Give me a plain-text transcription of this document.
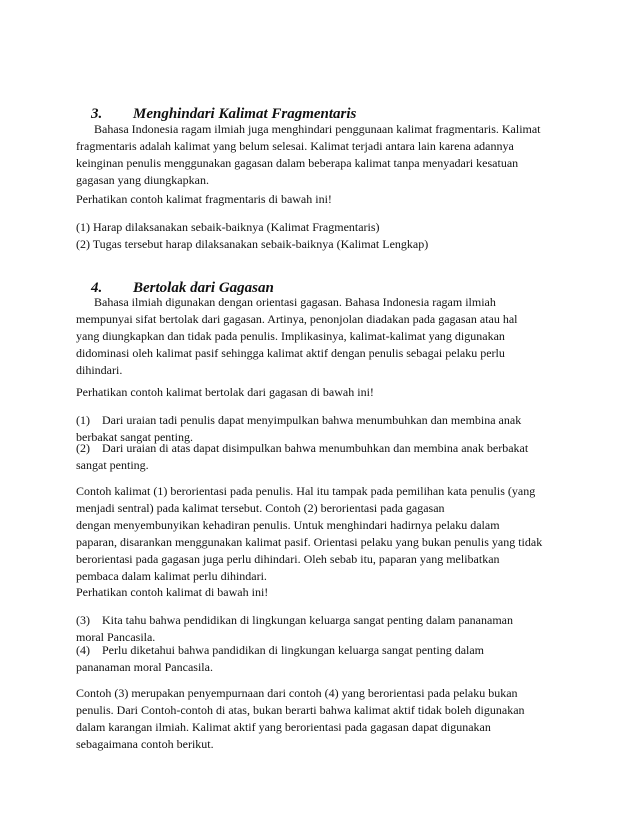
3. Menghindari Kalimat Fragmentaris

Bahasa Indonesia ragam ilmiah juga menghindari penggunaan kalimat fragmentaris. Kalimat

fragmentaris adalah kalimat yang belum selesai. Kalimat terjadi antara lain karena adannya

keinginan penulis menggunakan gagasan dalam beberapa kalimat tanpa menyadari kesatuan

gagasan yang diungkapkan.

Perhatikan contoh kalimat fragmentaris di bawah ini!

(1) Harap dilaksanakan sebaik-baiknya (Kalimat Fragmentaris)

(2) Tugas tersebut harap dilaksanakan sebaik-baiknya (Kalimat Lengkap)

4. Bertolak dari Gagasan

Bahasa ilmiah digunakan dengan orientasi gagasan. Bahasa Indonesia ragam ilmiah

mempunyai sifat bertolak dari gagasan. Artinya, penonjolan diadakan pada gagasan atau hal

yang diungkapkan dan tidak pada penulis. Implikasinya, kalimat-kalimat yang digunakan

didominasi oleh kalimat pasif sehingga kalimat aktif dengan penulis sebagai pelaku perlu

dihindari.

Perhatikan contoh kalimat bertolak dari gagasan di bawah ini!

(1) Dari uraian tadi penulis dapat menyimpulkan bahwa menumbuhkan dan membina anak

berbakat sangat penting.

(2) Dari uraian di atas dapat disimpulkan bahwa menumbuhkan dan membina anak berbakat

sangat penting.

Contoh kalimat (1) berorientasi pada penulis. Hal itu tampak pada pemilihan kata penulis (yang

menjadi sentral) pada kalimat tersebut. Contoh (2) berorientasi pada gagasan

dengan menyembunyikan kehadiran penulis. Untuk menghindari hadirnya pelaku dalam

paparan, disarankan menggunakan kalimat pasif. Orientasi pelaku yang bukan penulis yang tidak

berorientasi pada gagasan juga perlu dihindari. Oleh sebab itu, paparan yang melibatkan

pembaca dalam kalimat perlu dihindari.

Perhatikan contoh kalimat di bawah ini!

(3) Kita tahu bahwa pendidikan di lingkungan keluarga sangat penting dalam pananaman

moral Pancasila.

(4) Perlu diketahui bahwa pandidikan di lingkungan keluarga sangat penting dalam

pananaman moral Pancasila.

Contoh (3) merupakan penyempurnaan dari contoh (4) yang berorientasi pada pelaku bukan

penulis. Dari Contoh-contoh di atas, bukan berarti bahwa kalimat aktif tidak boleh digunakan

dalam karangan ilmiah. Kalimat aktif yang berorientasi pada gagasan dapat digunakan

sebagaimana contoh berikut.
